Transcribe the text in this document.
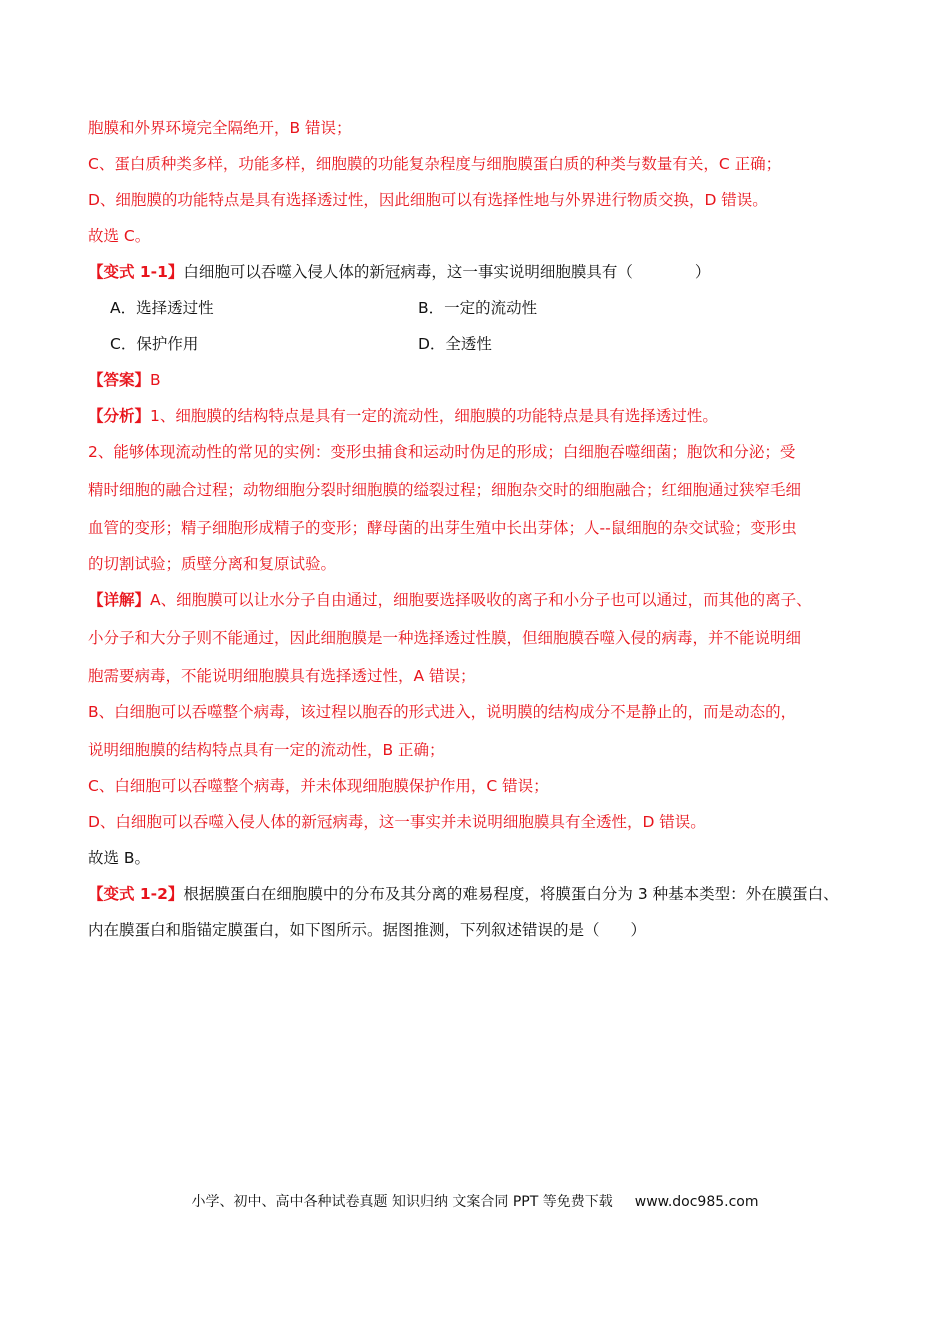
胞膜和外界环境完全隔绝开，B 错误；
C、蛋白质种类多样，功能多样，细胞膜的功能复杂程度与细胞膜蛋白质的种类与数量有关，C 正确；
D、细胞膜的功能特点是具有选择透过性，因此细胞可以有选择性地与外界进行物质交换，D 错误。
故选 C。
【变式 1-1】白细胞可以吞噬入侵人体的新冠病毒，这一事实说明细胞膜具有（　　　　）
A．选择透过性	B．一定的流动性
C．保护作用	D．全透性
【答案】B
【分析】1、细胞膜的结构特点是具有一定的流动性，细胞膜的功能特点是具有选择透过性。
2、能够体现流动性的常见的实例：变形虫捕食和运动时伪足的形成；白细胞吞噬细菌；胞饮和分泌；受
精时细胞的融合过程；动物细胞分裂时细胞膜的缢裂过程；细胞杂交时的细胞融合；红细胞通过狭窄毛细
血管的变形；精子细胞形成精子的变形；酵母菌的出芽生殖中长出芽体；人--鼠细胞的杂交试验；变形虫
的切割试验；质壁分离和复原试验。
【详解】A、细胞膜可以让水分子自由通过，细胞要选择吸收的离子和小分子也可以通过，而其他的离子、
小分子和大分子则不能通过，因此细胞膜是一种选择透过性膜，但细胞膜吞噬入侵的病毒，并不能说明细
胞需要病毒，不能说明细胞膜具有选择透过性，A 错误；
B、白细胞可以吞噬整个病毒，该过程以胞吞的形式进入，说明膜的结构成分不是静止的，而是动态的，
说明细胞膜的结构特点具有一定的流动性，B 正确；
C、白细胞可以吞噬整个病毒，并未体现细胞膜保护作用，C 错误；
D、白细胞可以吞噬入侵人体的新冠病毒，这一事实并未说明细胞膜具有全透性，D 错误。
故选 B。
【变式 1-2】根据膜蛋白在细胞膜中的分布及其分离的难易程度，将膜蛋白分为 3 种基本类型：外在膜蛋白、
内在膜蛋白和脂锚定膜蛋白，如下图所示。据图推测，下列叙述错误的是（　　）
小学、初中、高中各种试卷真题 知识归纳 文案合同 PPT 等免费下载 www.doc985.com
